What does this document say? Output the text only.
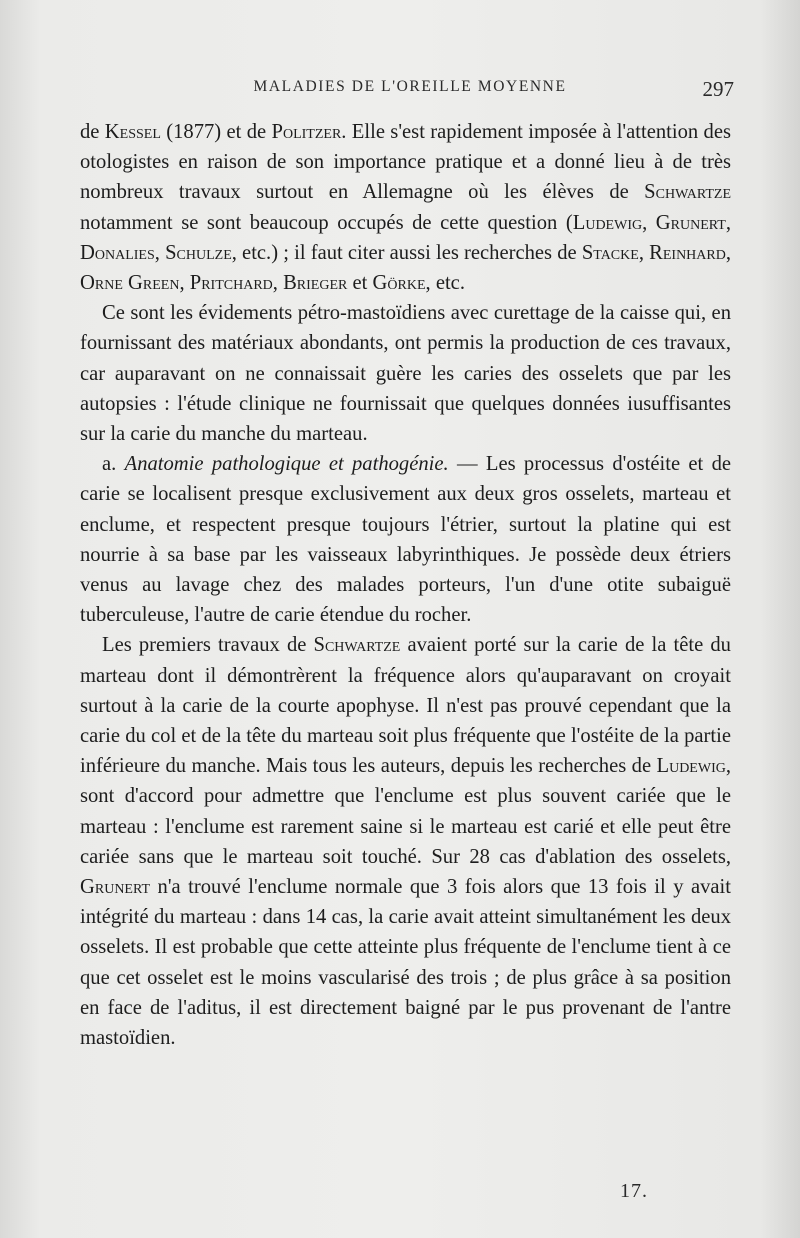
MALADIES DE L'OREILLE MOYENNE	297

de Kessel (1877) et de Politzer. Elle s'est rapidement imposée à l'attention des otologistes en raison de son importance pratique et a donné lieu à de très nombreux travaux surtout en Allemagne où les élèves de Schwartze notamment se sont beaucoup occupés de cette question (Ludewig, Grunert, Donalies, Schulze, etc.) ; il faut citer aussi les recherches de Stacke, Reinhard, Orne Green, Pritchard, Brieger et Görke, etc.

Ce sont les évidements pétro-mastoïdiens avec curettage de la caisse qui, en fournissant des matériaux abondants, ont permis la production de ces travaux, car auparavant on ne connaissait guère les caries des osselets que par les autopsies : l'étude clinique ne fournissait que quelques données iusuffisantes sur la carie du manche du marteau.

a. Anatomie pathologique et pathogénie. — Les processus d'ostéite et de carie se localisent presque exclusivement aux deux gros osselets, marteau et enclume, et respectent presque toujours l'étrier, surtout la platine qui est nourrie à sa base par les vaisseaux labyrinthiques. Je possède deux étriers venus au lavage chez des malades porteurs, l'un d'une otite subaiguë tuberculeuse, l'autre de carie étendue du rocher.

Les premiers travaux de Schwartze avaient porté sur la carie de la tête du marteau dont il démontrèrent la fréquence alors qu'auparavant on croyait surtout à la carie de la courte apophyse. Il n'est pas prouvé cependant que la carie du col et de la tête du marteau soit plus fréquente que l'ostéite de la partie inférieure du manche. Mais tous les auteurs, depuis les recherches de Ludewig, sont d'accord pour admettre que l'enclume est plus souvent cariée que le marteau : l'enclume est rarement saine si le marteau est carié et elle peut être cariée sans que le marteau soit touché. Sur 28 cas d'ablation des osselets, Grunert n'a trouvé l'enclume normale que 3 fois alors que 13 fois il y avait intégrité du marteau : dans 14 cas, la carie avait atteint simultanément les deux osselets. Il est probable que cette atteinte plus fréquente de l'enclume tient à ce que cet osselet est le moins vascularisé des trois ; de plus grâce à sa position en face de l'aditus, il est directement baigné par le pus provenant de l'antre mastoïdien.

17.
